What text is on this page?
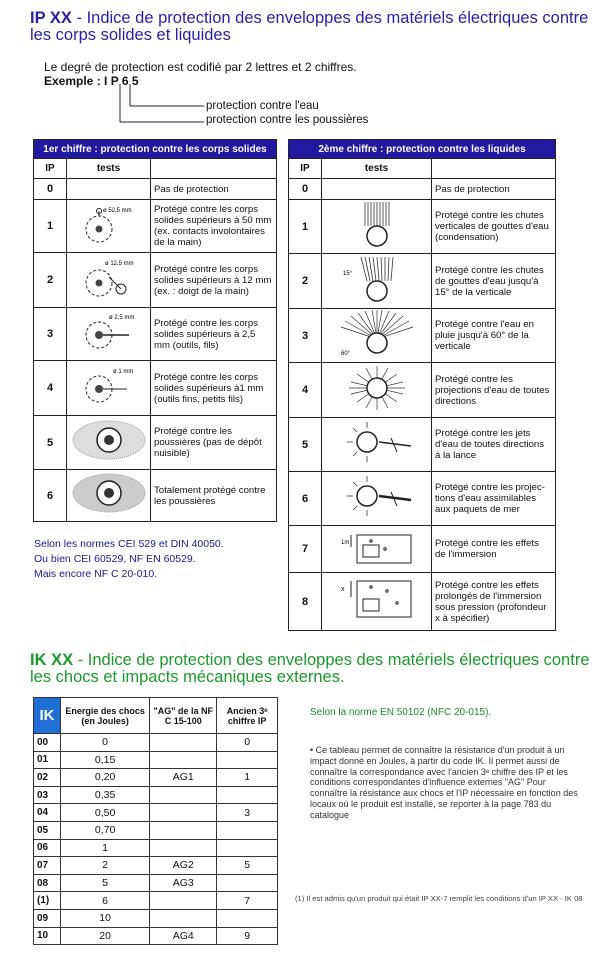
IP XX - Indice de protection des enveloppes des matériels électriques contre les corps solides et liquides
Le degré de protection est codifié par 2 lettres et 2 chiffres.
Exemple : I P 6 5
protection contre l'eau
protection contre les poussières
1er chiffre : protection contre les corps solides		
IP	tests	
0		Pas de protection
1	ø 52,5 mm	Protégé contre les corps solides supérieurs à 50 mm (ex. contacts involontaires de la main)
2	ø 12,5 mm	Protégé contre les corps solides supérieurs à 12 mm (ex. : doigt de la main)
3	ø 2,5 mm	Protégé contre les corps solides supérieurs à 2,5 mm (outils, fils)
4	ø 1 mm	Protégé contre les corps solides supérieurs à1 mm (outils fins, petits fils)
5		Protégé contre les poussières (pas de dépôt nuisible)
6		Totalement protégé contre les poussières
2ème chiffre : protection contre les liquides		
IP	tests	
0		Pas de protection
1		Protégé contre les chutes verticales de gouttes d'eau (condensation)
2	15°	Protégé contre les chutes de gouttes d'eau jusqu'à 15° de la verticale
3	60°	Protégé contre l'eau en pluie jusqu'à 60° de la verticale
4		Protégé contre les projections d'eau de toutes directions
5		Protégé contre les jets d'eau de toutes directions à la lance
6		Protégé contre les projec-tions d'eau assimilables aux paquets de mer
7	1m	Protégé contre les effets de l'immersion
8	x	Protégé contre les effets prolongés de l'immersion sous pression (profondeur x à spécifier)
Selon les normes CEI 529 et DIN 40050.
Ou bien CEI 60529, NF EN 60529.
Mais encore NF C 20-010.
IK XX - Indice de protection des enveloppes des matériels électriques contre les chocs et impacts mécaniques externes.
IK	Energie des chocs (en Joules)	"AG" de la NF C 15-100	Ancien 3ᵉ chiffre IP
00	0		0
01	0,15		
02	0,20	AG1	1
03	0,35		
04	0,50		3
05	0,70		
06	1		
07	2	AG2	5
08	5	AG3	
(1)	6		7
09	10		
10	20	AG4	9
Selon la norme EN 50102 (NFC 20-015).
• Ce tableau permet de connaître la résistance d'un produit à un impact donné en Joules, à partir du code IK. Il permet aussi de connaître la correspondance avec l'ancien 3ᵉ chiffre des IP et les conditions correspondantes d'influence externes "AG" Pour connaître la résistance aux chocs et l'IP nécessaire en fonction des locaux où le produit est installé, se reporter à la page 783 du catalogue
(1) Il est admis qu'un produit qui était IP XX-7 remplit les conditions d'un IP XX - IK 08
